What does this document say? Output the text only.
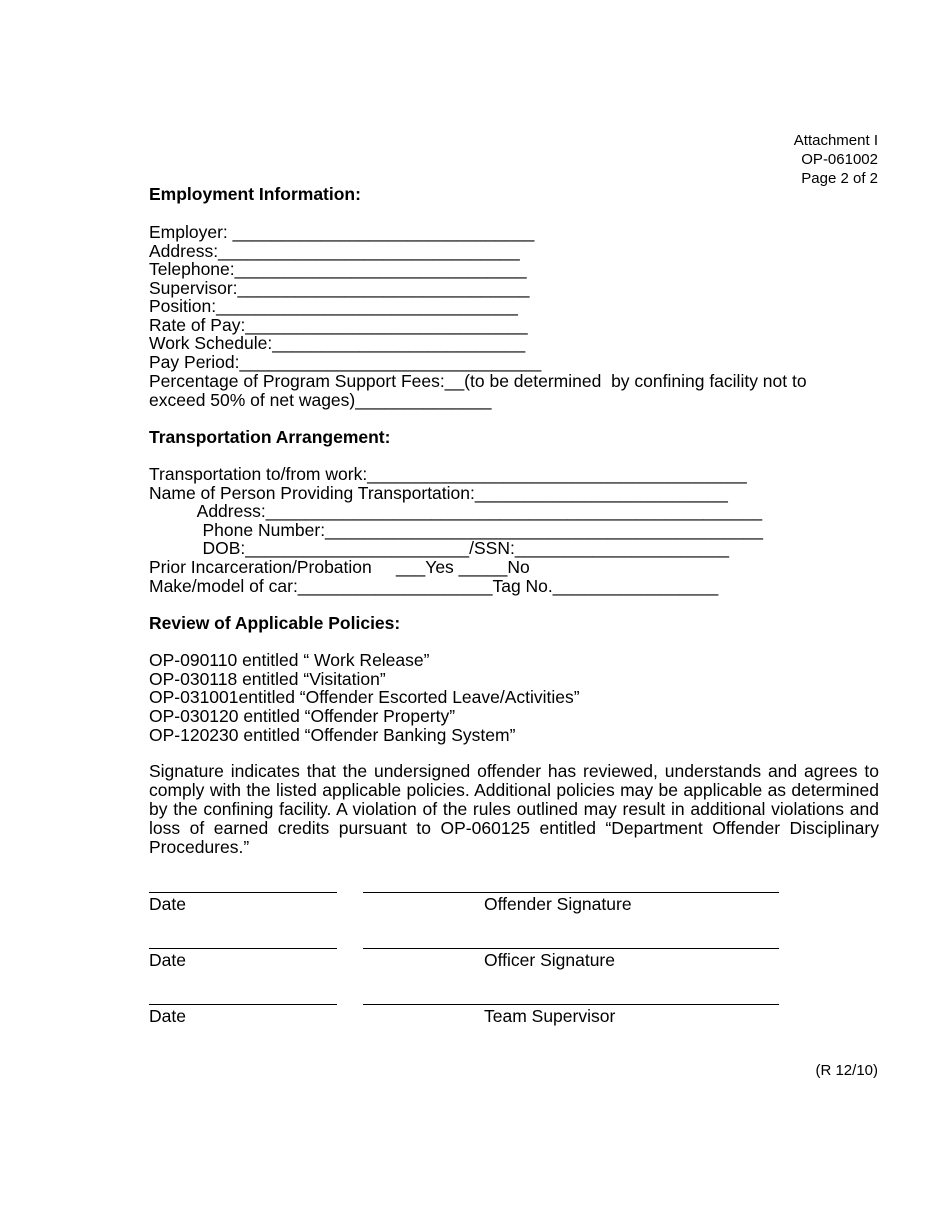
Attachment I
OP-061002
Page 2 of 2
Employment Information:
Employer: _______________________________
Address:_______________________________
Telephone:______________________________
Supervisor:______________________________
Position:_______________________________
Rate of Pay:_____________________________
Work Schedule:__________________________
Pay Period:_______________________________
Percentage of Program Support Fees:__(to be determined  by confining facility not to
exceed 50% of net wages)______________
Transportation Arrangement:
Transportation to/from work:_______________________________________
Name of Person Providing Transportation:__________________________
Address:___________________________________________________
Phone Number:_____________________________________________
DOB:_______________________/SSN:______________________
Prior Incarceration/Probation     ___Yes _____No
Make/model of car:____________________Tag No._________________
Review of Applicable Policies:
OP-090110 entitled “ Work Release”
OP-030118 entitled “Visitation”
OP-031001entitled “Offender Escorted Leave/Activities”
OP-030120 entitled “Offender Property”
OP-120230 entitled “Offender Banking System”
Signature indicates that the undersigned offender has reviewed, understands and agrees to comply with the listed applicable policies. Additional policies may be applicable as determined by the confining facility. A violation of the rules outlined may result in additional violations and loss of earned credits pursuant to OP-060125 entitled “Department Offender Disciplinary Procedures.”
Date	Offender Signature
Date	Officer Signature
Date	Team Supervisor
(R 12/10)
